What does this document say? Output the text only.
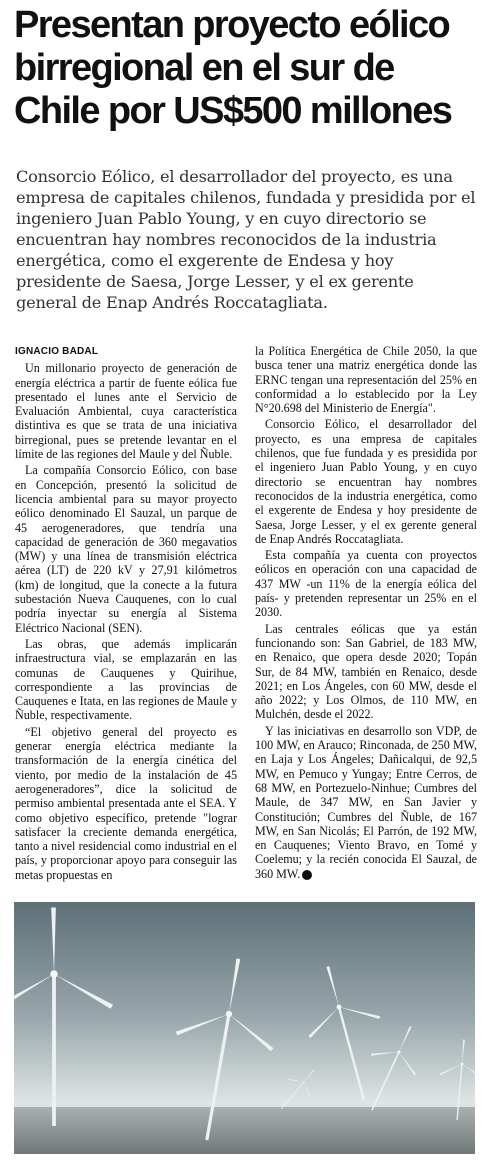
Presentan proyecto eólico birregional en el sur de Chile por US$500 millones

Consorcio Eólico, el desarrollador del proyecto, es una empresa de capitales chilenos, fundada y presidida por el ingeniero Juan Pablo Young, y en cuyo directorio se encuentran hay nombres reconocidos de la industria energética, como el exgerente de Endesa y hoy presidente de Saesa, Jorge Lesser, y el ex gerente general de Enap Andrés Roccatagliata.

IGNACIO BADAL

Un millonario proyecto de generación de energía eléctrica a partir de fuente eólica fue presentado el lunes ante el Servicio de Evaluación Ambiental, cuya característica distintiva es que se trata de una iniciativa birregional, pues se pretende levantar en el límite de las regiones del Maule y del Ñuble.

La compañía Consorcio Eólico, con base en Concepción, presentó la solicitud de licencia ambiental para su mayor proyecto eólico denominado El Sauzal, un parque de 45 aerogeneradores, que tendría una capacidad de generación de 360 megavatios (MW) y una línea de transmisión eléctrica aérea (LT) de 220 kV y 27,91 kilómetros (km) de longitud, que la conecte a la futura subestación Nueva Cauquenes, con lo cual podría inyectar su energía al Sistema Eléctrico Nacional (SEN).

Las obras, que además implicarán infraestructura vial, se emplazarán en las comunas de Cauquenes y Quirihue, correspondiente a las provincias de Cauquenes e Itata, en las regiones de Maule y Ñuble, respectivamente.

“El objetivo general del proyecto es generar energía eléctrica mediante la transformación de la energía cinética del viento, por medio de la instalación de 45 aerogeneradores”, dice la solicitud de permiso ambiental presentada ante el SEA. Y como objetivo específico, pretende "lograr satisfacer la creciente demanda energética, tanto a nivel residencial como industrial en el país, y proporcionar apoyo para conseguir las metas propuestas en

la Política Energética de Chile 2050, la que busca tener una matriz energética donde las ERNC tengan una representación del 25% en conformidad a lo establecido por la Ley N°20.698 del Ministerio de Energía".

Consorcio Eólico, el desarrollador del proyecto, es una empresa de capitales chilenos, que fue fundada y es presidida por el ingeniero Juan Pablo Young, y en cuyo directorio se encuentran hay nombres reconocidos de la industria energética, como el exgerente de Endesa y hoy presidente de Saesa, Jorge Lesser, y el ex gerente general de Enap Andrés Roccatagliata.

Esta compañía ya cuenta con proyectos eólicos en operación con una capacidad de 437 MW -un 11% de la energía eólica del país- y pretenden representar un 25% en el 2030.

Las centrales eólicas que ya están funcionando son: San Gabriel, de 183 MW, en Renaico, que opera desde 2020; Topán Sur, de 84 MW, también en Renaico, desde 2021; en Los Ángeles, con 60 MW, desde el año 2022; y Los Olmos, de 110 MW, en Mulchén, desde el 2022.

Y las iniciativas en desarrollo son VDP, de 100 MW, en Arauco; Rinconada, de 250 MW, en Laja y Los Ángeles; Dañicalqui, de 92,5 MW, en Pemuco y Yungay; Entre Cerros, de 68 MW, en Portezuelo-Ninhue; Cumbres del Maule, de 347 MW, en San Javier y Constitución; Cumbres del Ñuble, de 167 MW, en San Nicolás; El Parrón, de 192 MW, en Cauquenes; Viento Bravo, en Tomé y Coelemu; y la recién conocida El Sauzal, de 360 MW. D
